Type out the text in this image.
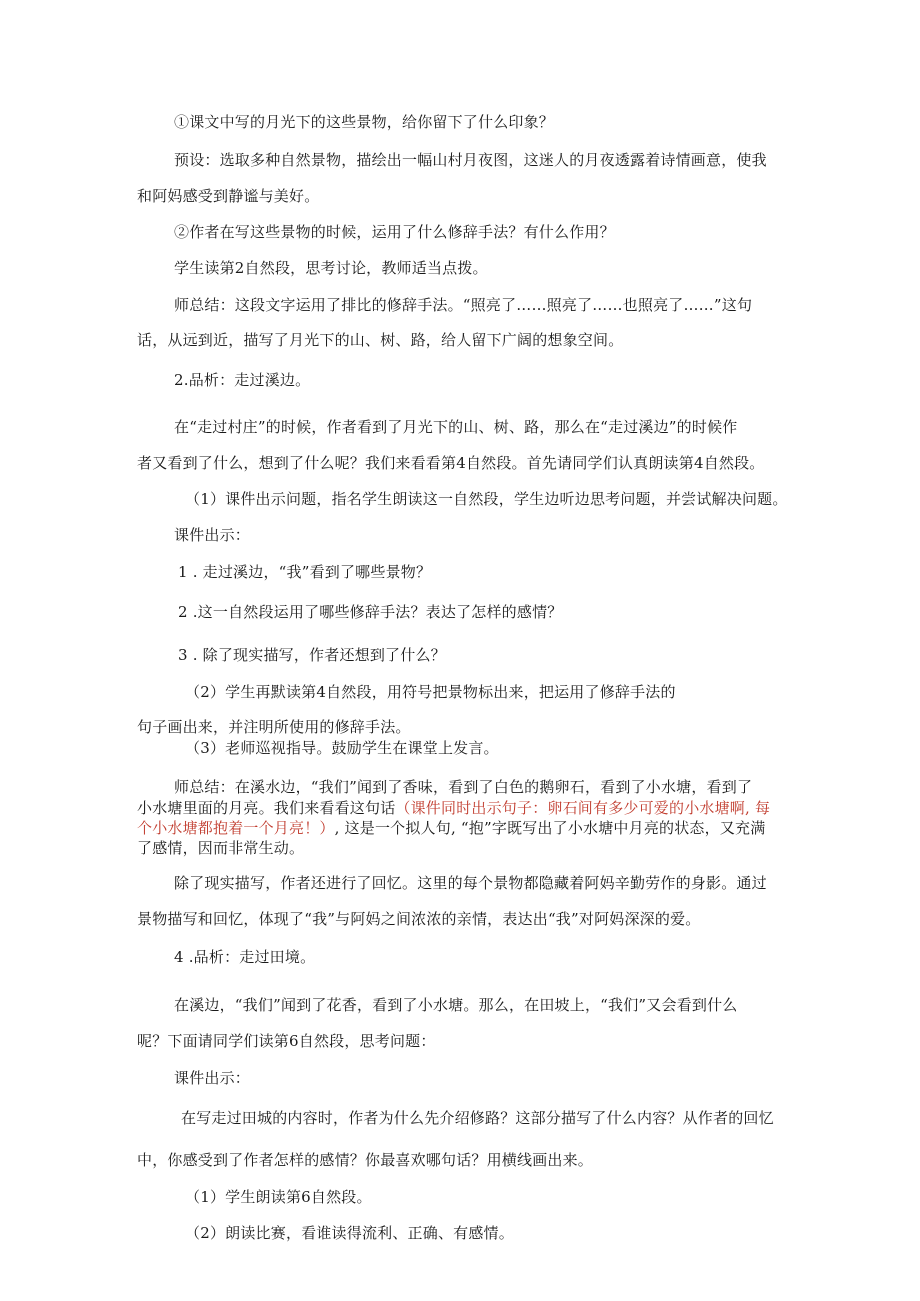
①课文中写的月光下的这些景物，给你留下了什么印象？
预设：选取多种自然景物，描绘出一幅山村月夜图，这迷人的月夜透露着诗情画意，使我
和阿妈感受到静谧与美好。
②作者在写这些景物的时候，运用了什么修辞手法？有什么作用？
学生读第2自然段，思考讨论，教师适当点拨。
师总结：这段文字运用了排比的修辞手法。“照亮了……照亮了……也照亮了……”这句
话，从远到近，描写了月光下的山、树、路，给人留下广阔的想象空间。
2.品析：走过溪边。
在“走过村庄”的时候，作者看到了月光下的山、树、路，那么在“走过溪边”的时候作
者又看到了什么，想到了什么呢？我们来看看第4自然段。首先请同学们认真朗读第4自然段。
（1）课件出示问题，指名学生朗读这一自然段，学生边听边思考问题，并尝试解决问题。
课件出示：
1 . 走过溪边，“我”看到了哪些景物？
2 .这一自然段运用了哪些修辞手法？表达了怎样的感情？
3 . 除了现实描写，作者还想到了什么？
（2）学生再默读第4自然段，用符号把景物标出来，把运用了修辞手法的
句子画出来，并注明所使用的修辞手法。
（3）老师巡视指导。鼓励学生在课堂上发言。
师总结：在溪水边，“我们”闻到了香味，看到了白色的鹅卵石，看到了小水塘，看到了
小水塘里面的月亮。我们来看看这句话（课件同时出示句子：卵石间有多少可爱的小水塘啊, 每
个小水塘都抱着一个月亮！）, 这是一个拟人句, “抱”字既写出了小水塘中月亮的状态，又充满
了感情，因而非常生动。
除了现实描写，作者还进行了回忆。这里的每个景物都隐藏着阿妈辛勤劳作的身影。通过
景物描写和回忆，体现了“我”与阿妈之间浓浓的亲情，表达出“我”对阿妈深深的爱。
4 .品析：走过田境。
在溪边，“我们”闻到了花香，看到了小水塘。那么，在田坡上，“我们”又会看到什么
呢？下面请同学们读第6自然段，思考问题：
课件出示：
在写走过田城的内容时，作者为什么先介绍修路？这部分描写了什么内容？从作者的回忆
中，你感受到了作者怎样的感情？你最喜欢哪句话？用横线画出来。
（1）学生朗读第6自然段。
（2）朗读比赛，看谁读得流利、正确、有感情。
